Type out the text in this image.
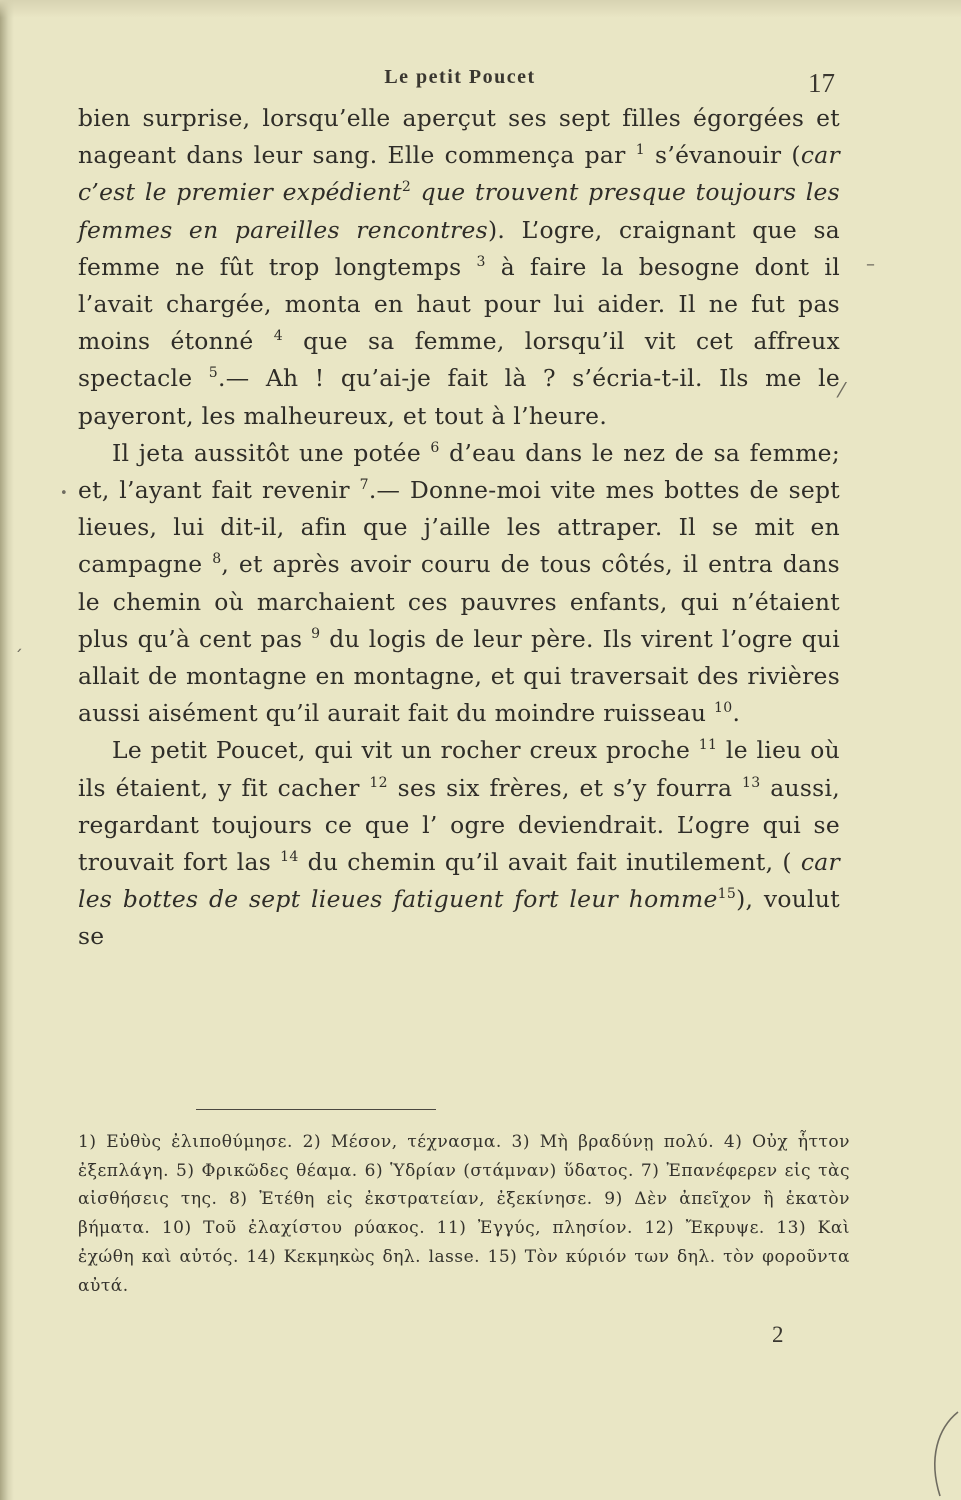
Le petit Poucet	17

bien surprise, lorsqu’elle aperçut ses sept filles égorgées et nageant dans leur sang. Elle commença par $^1$ s’évanouir (car c’est le premier expédient$^2$ que trouvent presque toujours les femmes en pareilles rencontres). L’ogre, craignant que sa femme ne fût trop longtemps $^3$ à faire la besogne dont il l’avait chargée, monta en haut pour lui aider. Il ne fut pas moins étonné $^4$ que sa femme, lorsqu’il vit cet affreux spectacle $^5$.— Ah ! qu’ai-je fait là ? s’écria-t-il. Ils me le payeront, les malheureux, et tout à l’heure.

Il jeta aussitôt une potée $^6$ d’eau dans le nez de sa femme; et, l’ayant fait revenir $^7$.— Donne-moi vite mes bottes de sept lieues, lui dit-il, afin que j’aille les attraper. Il se mit en campagne $^8$, et après avoir couru de tous côtés, il entra dans le chemin où marchaient ces pauvres enfants, qui n’étaient plus qu’à cent pas $^9$ du logis de leur père. Ils virent l’ogre qui allait de montagne en montagne, et qui traversait des rivières aussi aisément qu’il aurait fait du moindre ruisseau $^{10}$.

Le petit Poucet, qui vit un rocher creux proche $^{11}$ le lieu où ils étaient, y fit cacher $^{12}$ ses six frères, et s’y fourra $^{13}$ aussi, regardant toujours ce que l’ ogre deviendrait. L’ogre qui se trouvait fort las $^{14}$ du chemin qu’il avait fait inutilement, ( car les bottes de sept lieues fatiguent fort leur homme$^{15}$), voulut se

1) Εὐθὺς ἐλιποθύμησε. 2) Μέσον, τέχνασμα. 3) Μὴ βραδύνῃ πολύ. 4) Οὐχ ἧττον ἐξεπλάγη. 5) Φρικῶδες θέαμα. 6) Ὑδρίαν (στάμναν) ὕδατος. 7) Ἐπανέφερεν εἰς τὰς αἰσθήσεις της. 8) Ἐτέθη εἰς ἐκστρατείαν, ἐξεκίνησε. 9) Δὲν ἀπεῖχον ἢ ἑκατὸν βήματα. 10) Τοῦ ἐλαχίστου ρύακος. 11) Ἐγγύς, πλησίον. 12) Ἔκρυψε. 13) Καὶ ἐχώθη καὶ αὐτός. 14) Κεκμηκὼς δηλ. lasse. 15) Τὸν κύριόν των δηλ. τὸν φοροῦντα αὐτά.

2
–
⁄
ˏ
•
